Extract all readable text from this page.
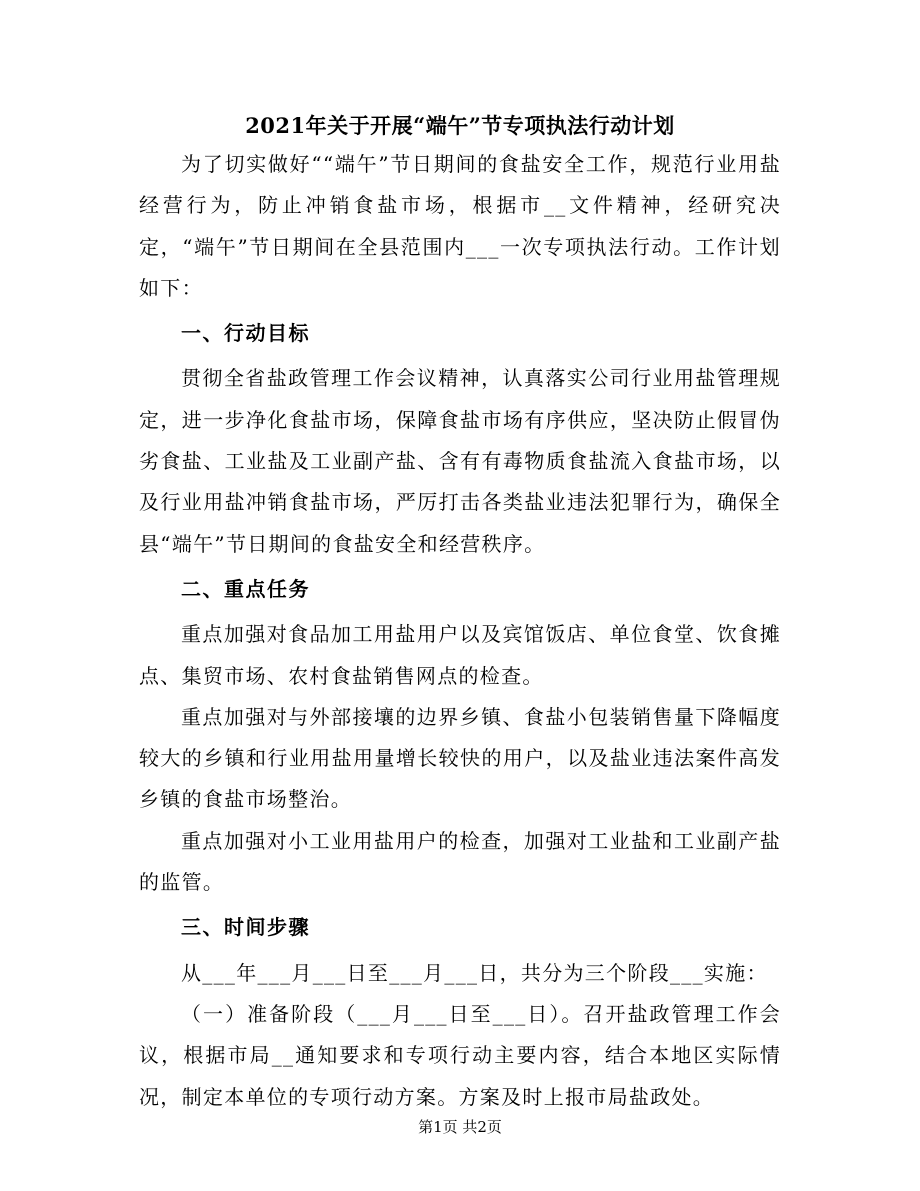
2021年关于开展“端午”节专项执法行动计划

为了切实做好““端午”节日期间的食盐安全工作，规范行业用盐经营行为，防止冲销食盐市场，根据市__文件精神，经研究决定，“端午”节日期间在全县范围内___一次专项执法行动。工作计划如下：

一、行动目标

贯彻全省盐政管理工作会议精神，认真落实公司行业用盐管理规定，进一步净化食盐市场，保障食盐市场有序供应，坚决防止假冒伪劣食盐、工业盐及工业副产盐、含有有毒物质食盐流入食盐市场，以及行业用盐冲销食盐市场，严厉打击各类盐业违法犯罪行为，确保全县“端午”节日期间的食盐安全和经营秩序。

二、重点任务

重点加强对食品加工用盐用户以及宾馆饭店、单位食堂、饮食摊点、集贸市场、农村食盐销售网点的检查。

重点加强对与外部接壤的边界乡镇、食盐小包装销售量下降幅度较大的乡镇和行业用盐用量增长较快的用户，以及盐业违法案件高发乡镇的食盐市场整治。

重点加强对小工业用盐用户的检查，加强对工业盐和工业副产盐的监管。

三、时间步骤

从___年___月___日至___月___日，共分为三个阶段___实施：

（一）准备阶段（___月___日至___日）。召开盐政管理工作会议，根据市局__通知要求和专项行动主要内容，结合本地区实际情况，制定本单位的专项行动方案。方案及时上报市局盐政处。

第1页 共2页
